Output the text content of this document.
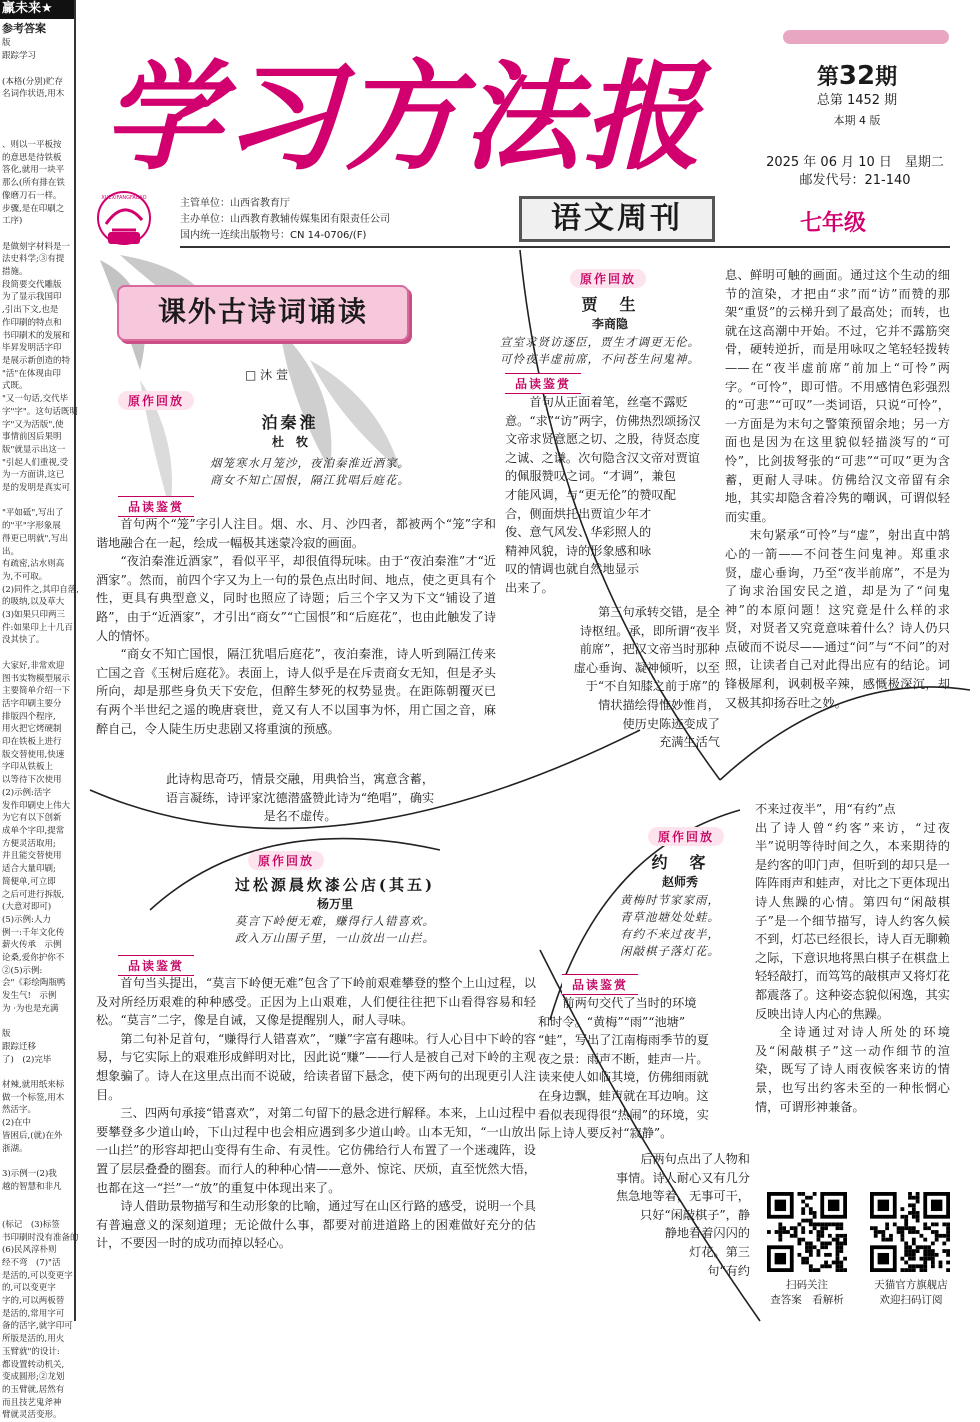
赢未来★
参考答案
版
跟踪学习

(本格(分别)贮存
名词作状语,用木

、则以一平板按
的意思是待铁板
答化,就用一块平
那么(所有排在铁
像磨刀石一样。
步骤,是在印刷之
工序)

是做刻字材料是一
法史料学;③有提
措施。
段简要交代雕版
为了显示我国印
,引出下文,也是
作印刷的特点和
书印刷术的发展和
毕昇发明活字印
是展示新创造的特
"活"在体现由印
式既。
"又一句话,交代毕
字"字"。这句话既明
字"又为活版",使
事情前因后果明
版"就显示出这一
"引起人们重视,受
为一方面讲,这已
是的发明是真实可

"平如砥",写出了
的"平"字形象展
得更已明就",写出
出。
有疏密,沾水则高
为,不可取。
(2)同件之,其印自落,
的吸纳,以及草大
(3)如果只印两三
件:如果印上十几百
没其快了。

大家好,非常欢迎
图书实物模型展示
主要简单介绍一下
活字印刷主要分
排版四个程序,
用火把它烤硬制
印在铁板上进行
版交替使用,快速
字印从铁板上
以等待下次使用
(2)示例:活字
发作印刷史上伟大
为它有以下创新
成单个字印,提常
方便灵活取用;
并且能交替使用
适合大量印刷;
简便单,可立即
之后可进行拆版,
(大意对即可)
(5)示例:人力
例一:千年文化传
薪火传承　示例
论桑,爱你护你不
②(5)示例:
会"《彩绘陶瓶鸭
发生气!　示例
为 ·为也是充满

版
跟踪迁移
了)　(2)完毕

材辣,就用纸来标
做一个标签,用木
然活字。
(2)在中
皆困后,(就)在外
浙湖。

3)示例一(2)我
越的智慧和非凡

(标记　(3)标签
书印刷时没有准备的
(6)民风淳朴则
经不弯　(7)"活
是活的,可以变更字
的,可以变更字
字的,可以两板替
是活的,常用字可
备的活字,就字印可
所版是活的,用火
玉臂就"的设计:
都设置转动机关,
变成圆形;②龙划
的玉臂就,居然有
而且技艺鬼斧神
臂就灵活变形。
学习方法报	第32期
总第 1452 期
本期 4 版
2025 年 06 月 10 日　星期二
邮发代号：21-140
XUEXIFANGFABAO	主管单位：山西省教育厅
主办单位：山西教育教辅传媒集团有限责任公司
国内统一连续出版物号：CN 14-0706/(F)	语文周刊	七年级
课外古诗词诵读
□ 沐 萱
原作回放
泊秦淮
杜　牧
烟笼寒水月笼沙，夜泊秦淮近酒家。
商女不知亡国恨，隔江犹唱后庭花。
品读鉴赏

首句两个“笼”字引人注目。烟、水、月、沙四者，都被两个“笼”字和谐地融合在一起，绘成一幅极其迷蒙冷寂的画面。

“夜泊秦淮近酒家”，看似平平，却很值得玩味。由于“夜泊秦淮”才“近酒家”。然而，前四个字又为上一句的景色点出时间、地点，使之更具有个性，更具有典型意义，同时也照应了诗题；后三个字又为下文“铺设了道路”，由于“近酒家”，才引出“商女”“亡国恨”和“后庭花”，也由此触发了诗人的情怀。

“商女不知亡国恨，隔江犹唱后庭花”，夜泊秦淮，诗人听到隔江传来亡国之音《玉树后庭花》。表面上，诗人似乎是在斥责商女无知，但是矛头所向，却是那些身负天下安危，但醉生梦死的权势显贵。在距陈朝覆灭已有两个半世纪之遥的晚唐衰世，竟又有人不以国事为怀，用亡国之音，麻醉自己，令人陡生历史悲剧又将重演的预感。

此诗构思奇巧，情景交融，用典恰当，寓意含蓄，
语言凝练，诗评家沈德潜盛赞此诗为“绝唱”，确实
是名不虚传。
原作回放
贾　生
李商隐
宣室求贤访逐臣，贾生才调更无伦。
可怜夜半虚前席，不问苍生问鬼神。
品读鉴赏
首句从正面着笔，丝毫不露贬
意。“求”“访”两字，仿佛热烈颂扬汉
文帝求贤意愿之切、之殷，待贤态度
之诚、之谦。次句隐含汉文帝对贾谊
的佩服赞叹之词。“才调”，兼包
才能风调，与“更无伦”的赞叹配
合，侧面烘托出贾谊少年才
俊、意气风发、华彩照人的
精神风貌，诗的形象感和咏
叹的情调也就自然地显示
出来了。
第三句承转交错，是全
诗枢纽。承，即所谓“夜半
前席”，把汉文帝当时那种
虚心垂询、凝神倾听，以至
于“不自知膝之前于席”的
情状描绘得惟妙惟肖，
使历史陈迹变成了
充满生活气

息、鲜明可触的画面。通过这个生动的细节的渲染，才把由“求”而“访”而赞的那架“重贤”的云梯升到了最高处；而转，也就在这高潮中开始。不过，它并不露筋突骨，硬转逆折，而是用咏叹之笔轻轻拨转——在“夜半虚前席”前加上“可怜”两字。“可怜”，即可惜。不用感情色彩强烈的“可悲”“可叹”一类词语，只说“可怜”，一方面是为末句之警策预留余地；另一方面也是因为在这里貌似轻描淡写的“可怜”，比剑拔弩张的“可悲”“可叹”更为含蓄，更耐人寻味。仿佛给汉文帝留有余地，其实却隐含着冷隽的嘲讽，可谓似轻而实重。

末句紧承“可怜”与“虚”，射出直中鹄心的一箭——不问苍生问鬼神。郑重求贤，虚心垂询，乃至“夜半前席”，不是为了询求治国安民之道，却是为了“问鬼神”的本原问题！这究竟是什么样的求贤，对贤者又究竟意味着什么？诗人仍只点破而不说尽——通过“问”与“不问”的对照，让读者自己对此得出应有的结论。词锋极犀利，讽刺极辛辣，感慨极深沉，却又极其抑扬吞吐之妙。

原作回放
过松源晨炊漆公店(其五)
杨万里
莫言下岭便无难，赚得行人错喜欢。
政入万山围子里，一山放出一山拦。
品读鉴赏

首句当头提出，“莫言下岭便无难”包含了下岭前艰难攀登的整个上山过程，以及对所经历艰难的种种感受。正因为上山艰难，人们便往往把下山看得容易和轻松。“莫言”二字，像是自诫，又像是提醒别人，耐人寻味。

第二句补足首句，“赚得行人错喜欢”，“赚”字富有趣味。行人心目中下岭的容易，与它实际上的艰难形成鲜明对比，因此说“赚”——行人是被自己对下岭的主观想象骗了。诗人在这里点出而不说破，给读者留下悬念，使下两句的出现更引人注目。

三、四两句承接“错喜欢”，对第二句留下的悬念进行解释。本来，上山过程中要攀登多少道山岭，下山过程中也会相应遇到多少道山岭。山本无知，“一山放出一山拦”的形容却把山变得有生命、有灵性。它仿佛给行人布置了一个迷魂阵，设置了层层叠叠的圈套。而行人的种种心情——意外、惊诧、厌烦，直至恍然大悟，也都在这一“拦”一“放”的重复中体现出来了。

诗人借助景物描写和生动形象的比喻，通过写在山区行路的感受，说明一个具有普遍意义的深刻道理；无论做什么事，都要对前进道路上的困难做好充分的估计，不要因一时的成功而掉以轻心。

原作回放
约　客
赵师秀
黄梅时节家家雨，
青草池塘处处蛙。
有约不来过夜半，
闲敲棋子落灯花。
品读鉴赏
前两句交代了当时的环境
和时令。“黄梅”“雨”“池塘”
“蛙”，写出了江南梅雨季节的夏
夜之景：雨声不断，蛙声一片。
读来使人如临其境，仿佛细雨就
在身边飘，蛙声就在耳边响。这
看似表现得很“热闹”的环境，实
际上诗人要反衬“寂静”。
后两句点出了人物和
事情。诗人耐心又有几分
焦急地等着，无事可干，
只好“闲敲棋子”，静
静地看着闪闪的
灯花。第三
句“有约
不来过夜半”，用“有约”点

出了诗人曾“约客”来访，“过夜半”说明等待时间之久，本来期待的是约客的叩门声，但听到的却只是一阵阵雨声和蛙声，对比之下更体现出诗人焦躁的心情。第四句“闲敲棋子”是一个细节描写，诗人约客久候不到，灯芯已经很长，诗人百无聊赖之际，下意识地将黑白棋子在棋盘上轻轻敲打，而笃笃的敲棋声又将灯花都震落了。这种姿态貌似闲逸，其实反映出诗人内心的焦躁。

全诗通过对诗人所处的环境及“闲敲棋子”这一动作细节的渲染，既写了诗人雨夜候客来访的情景，也写出约客未至的一种怅惘心情，可谓形神兼备。

扫码关注
查答案　看解析
天猫官方旗舰店
欢迎扫码订阅
